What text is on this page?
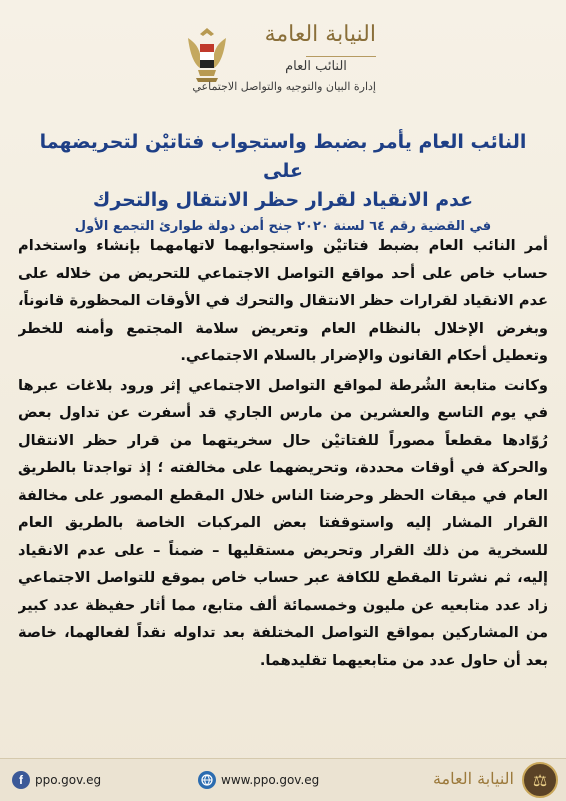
النيابة العامة
النائب العام
إدارة البيان والتوجيه والتواصل الاجتماعي
النائب العام يأمر بضبط واستجواب فتاتيْن لتحريضهما على
عدم الانقياد لقرار حظر الانتقال والتحرك
في القضية رقم ٦٤ لسنة ٢٠٢٠ جنح أمن دولة طوارئ التجمع الأول

أمر النائب العام بضبط فتاتيْن واستجوابهما لاتهامهما بإنشاء واستخدام حساب خاص على أحد مواقع التواصل الاجتماعي للتحريض من خلاله على عدم الانقياد لقرارات حظر الانتقال والتحرك في الأوقات المحظورة قانوناً، وبغرض الإخلال بالنظام العام وتعريض سلامة المجتمع وأمنه للخطر وتعطيل أحكام القانون والإضرار بالسلام الاجتماعي.

وكانت متابعة الشُرطة لمواقع التواصل الاجتماعي إثر ورود بلاغات عبرها في يوم التاسع والعشرين من مارس الجاري قد أسفرت عن تداول بعض رُوّادها مقطعاً مصوراً للفتاتيْن حال سخريتهما من قرار حظر الانتقال والحركة في أوقات محددة، وتحريضهما على مخالفته ؛ إذ تواجدتا بالطريق العام في ميقات الحظر وحرضتا الناس خلال المقطع المصور على مخالفة القرار المشار إليه واستوقفتا بعض المركبات الخاصة بالطريق العام للسخرية من ذلك القرار وتحريض مستقليها – ضمناً – على عدم الانقياد إليه، ثم نشرتا المقطع للكافة عبر حساب خاص بموقع للتواصل الاجتماعي زاد عدد متابعيه عن مليون وخمسمائة ألف متابع، مما أثار حفيظة عدد كبير من المشاركين بمواقع التواصل المختلفة بعد تداوله نقداً لفعالهما، خاصة بعد أن حاول عدد من متابعيهما تقليدهما.

f	ppo.gov.eg	www.ppo.gov.eg	النيابة العامة	⚖
